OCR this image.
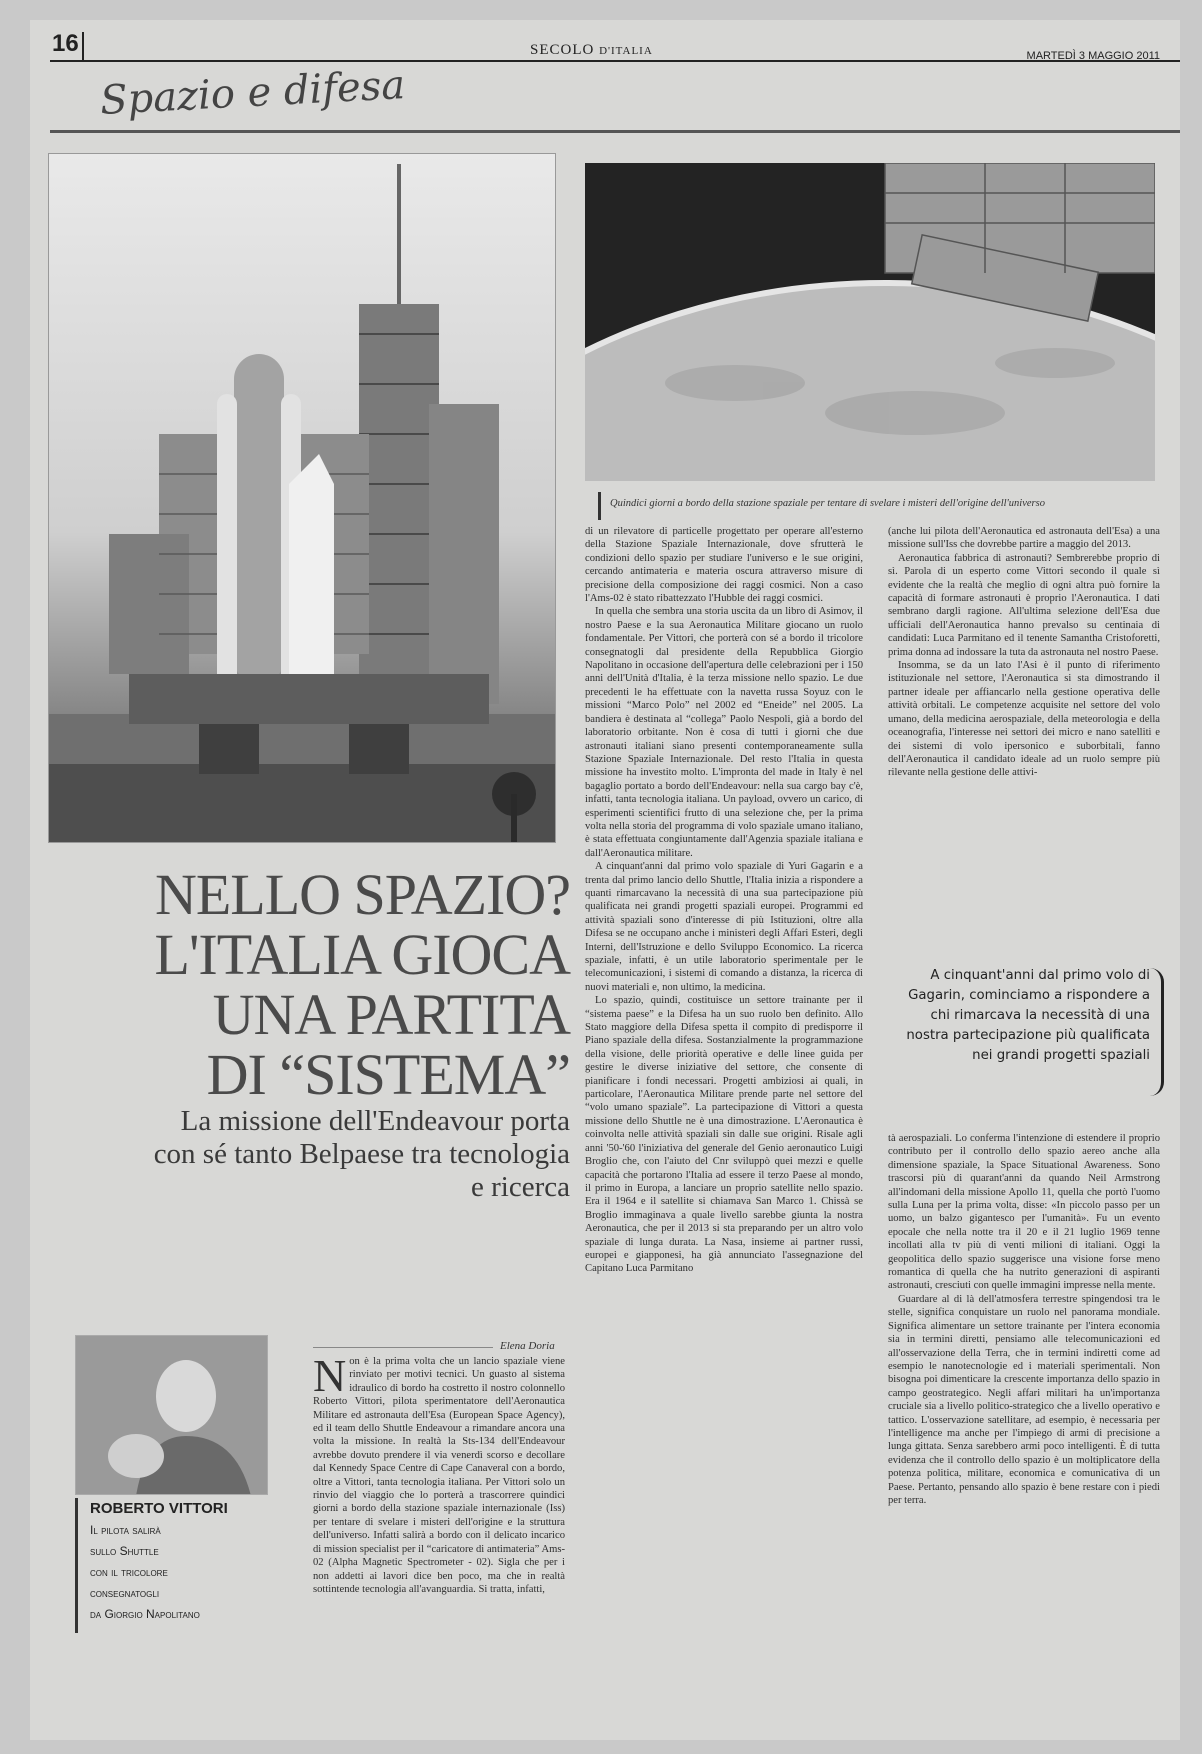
16	SECOLO D'ITALIA	MARTEDÌ 3 MAGGIO 2011
Spazio e difesa
Quindici giorni a bordo della stazione spaziale per tentare di svelare i misteri dell'origine dell'universo
NELLO SPAZIO?
L'ITALIA GIOCA
UNA PARTITA
DI “SISTEMA”
La missione dell'Endeavour porta con sé tanto Belpaese tra tecnologia e ricerca
ROBERTO VITTORI
Il pilota salirà
sullo Shuttle
con il tricolore
consegnatogli
da Giorgio Napolitano
Elena Doria

Non è la prima volta che un lancio spaziale viene rinviato per motivi tecnici. Un guasto al sistema idraulico di bordo ha costretto il nostro colonnello Roberto Vittori, pilota sperimentatore dell'Aeronautica Militare ed astronauta dell'Esa (European Space Agency), ed il team dello Shuttle Endeavour a rimandare ancora una volta la missione. In realtà la Sts-134 dell'Endeavour avrebbe dovuto prendere il via venerdì scorso e decollare dal Kennedy Space Centre di Cape Canaveral con a bordo, oltre a Vittori, tanta tecnologia italiana. Per Vittori solo un rinvio del viaggio che lo porterà a trascorrere quindici giorni a bordo della stazione spaziale internazionale (Iss) per tentare di svelare i misteri dell'origine e la struttura dell'universo. Infatti salirà a bordo con il delicato incarico di mission specialist per il “caricatore di antimateria” Ams-02 (Alpha Magnetic Spectrometer - 02). Sigla che per i non addetti ai lavori dice ben poco, ma che in realtà sottintende tecnologia all'avanguardia. Si tratta, infatti,

di un rilevatore di particelle progettato per operare all'esterno della Stazione Spaziale Internazionale, dove sfrutterà le condizioni dello spazio per studiare l'universo e le sue origini, cercando antimateria e materia oscura attraverso misure di precisione della composizione dei raggi cosmici. Non a caso l'Ams-02 è stato ribattezzato l'Hubble dei raggi cosmici.

In quella che sembra una storia uscita da un libro di Asimov, il nostro Paese e la sua Aeronautica Militare giocano un ruolo fondamentale. Per Vittori, che porterà con sé a bordo il tricolore consegnatogli dal presidente della Repubblica Giorgio Napolitano in occasione dell'apertura delle celebrazioni per i 150 anni dell'Unità d'Italia, è la terza missione nello spazio. Le due precedenti le ha effettuate con la navetta russa Soyuz con le missioni “Marco Polo” nel 2002 ed “Eneide” nel 2005. La bandiera è destinata al “collega” Paolo Nespoli, già a bordo del laboratorio orbitante. Non è cosa di tutti i giorni che due astronauti italiani siano presenti contemporaneamente sulla Stazione Spaziale Internazionale. Del resto l'Italia in questa missione ha investito molto. L'impronta del made in Italy è nel bagaglio portato a bordo dell'Endeavour: nella sua cargo bay c'è, infatti, tanta tecnologia italiana. Un payload, ovvero un carico, di esperimenti scientifici frutto di una selezione che, per la prima volta nella storia del programma di volo spaziale umano italiano, è stata effettuata congiuntamente dall'Agenzia spaziale italiana e dall'Aeronautica militare.

A cinquant'anni dal primo volo spaziale di Yuri Gagarin e a trenta dal primo lancio dello Shuttle, l'Italia inizia a rispondere a quanti rimarcavano la necessità di una sua partecipazione più qualificata nei grandi progetti spaziali europei. Programmi ed attività spaziali sono d'interesse di più Istituzioni, oltre alla Difesa se ne occupano anche i ministeri degli Affari Esteri, degli Interni, dell'Istruzione e dello Sviluppo Economico. La ricerca spaziale, infatti, è un utile laboratorio sperimentale per le telecomunicazioni, i sistemi di comando a distanza, la ricerca di nuovi materiali e, non ultimo, la medicina.

Lo spazio, quindi, costituisce un settore trainante per il “sistema paese” e la Difesa ha un suo ruolo ben definito. Allo Stato maggiore della Difesa spetta il compito di predisporre il Piano spaziale della difesa. Sostanzialmente la programmazione della visione, delle priorità operative e delle linee guida per gestire le diverse iniziative del settore, che consente di pianificare i fondi necessari. Progetti ambiziosi ai quali, in particolare, l'Aeronautica Militare prende parte nel settore del “volo umano spaziale”. La partecipazione di Vittori a questa missione dello Shuttle ne è una dimostrazione. L'Aeronautica è coinvolta nelle attività spaziali sin dalle sue origini. Risale agli anni '50-'60 l'iniziativa del generale del Genio aeronautico Luigi Broglio che, con l'aiuto del Cnr sviluppò quei mezzi e quelle capacità che portarono l'Italia ad essere il terzo Paese al mondo, il primo in Europa, a lanciare un proprio satellite nello spazio. Era il 1964 e il satellite si chiamava San Marco 1. Chissà se Broglio immaginava a quale livello sarebbe giunta la nostra Aeronautica, che per il 2013 si sta preparando per un altro volo spaziale di lunga durata. La Nasa, insieme ai partner russi, europei e giapponesi, ha già annunciato l'assegnazione del Capitano Luca Parmitano

(anche lui pilota dell'Aeronautica ed astronauta dell'Esa) a una missione sull'Iss che dovrebbe partire a maggio del 2013.

Aeronautica fabbrica di astronauti? Sembrerebbe proprio di sì. Parola di un esperto come Vittori secondo il quale sì evidente che la realtà che meglio di ogni altra può fornire la capacità di formare astronauti è proprio l'Aeronautica. I dati sembrano dargli ragione. All'ultima selezione dell'Esa due ufficiali dell'Aeronautica hanno prevalso su centinaia di candidati: Luca Parmitano ed il tenente Samantha Cristoforetti, prima donna ad indossare la tuta da astronauta nel nostro Paese.

Insomma, se da un lato l'Asi è il punto di riferimento istituzionale nel settore, l'Aeronautica si sta dimostrando il partner ideale per affiancarlo nella gestione operativa delle attività orbitali. Le competenze acquisite nel settore del volo umano, della medicina aerospaziale, della meteorologia e della oceanografia, l'interesse nei settori dei micro e nano satelliti e dei sistemi di volo ipersonico e suborbitali, fanno dell'Aeronautica il candidato ideale ad un ruolo sempre più rilevante nella gestione delle attivi-

A cinquant'anni dal primo volo di Gagarin, cominciamo a rispondere a chi rimarcava la necessità di una nostra partecipazione più qualificata nei grandi progetti spaziali

tà aerospaziali. Lo conferma l'intenzione di estendere il proprio contributo per il controllo dello spazio aereo anche alla dimensione spaziale, la Space Situational Awareness. Sono trascorsi più di quarant'anni da quando Neil Armstrong all'indomani della missione Apollo 11, quella che portò l'uomo sulla Luna per la prima volta, disse: «In piccolo passo per un uomo, un balzo gigantesco per l'umanità». Fu un evento epocale che nella notte tra il 20 e il 21 luglio 1969 tenne incollati alla tv più di venti milioni di italiani. Oggi la geopolitica dello spazio suggerisce una visione forse meno romantica di quella che ha nutrito generazioni di aspiranti astronauti, cresciuti con quelle immagini impresse nella mente.

Guardare al di là dell'atmosfera terrestre spingendosi tra le stelle, significa conquistare un ruolo nel panorama mondiale. Significa alimentare un settore trainante per l'intera economia sia in termini diretti, pensiamo alle telecomunicazioni ed all'osservazione della Terra, che in termini indiretti come ad esempio le nanotecnologie ed i materiali sperimentali. Non bisogna poi dimenticare la crescente importanza dello spazio in campo geostrategico. Negli affari militari ha un'importanza cruciale sia a livello politico-strategico che a livello operativo e tattico. L'osservazione satellitare, ad esempio, è necessaria per l'intelligence ma anche per l'impiego di armi di precisione a lunga gittata. Senza sarebbero armi poco intelligenti. È di tutta evidenza che il controllo dello spazio è un moltiplicatore della potenza politica, militare, economica e comunicativa di un Paese. Pertanto, pensando allo spazio è bene restare con i piedi per terra.
